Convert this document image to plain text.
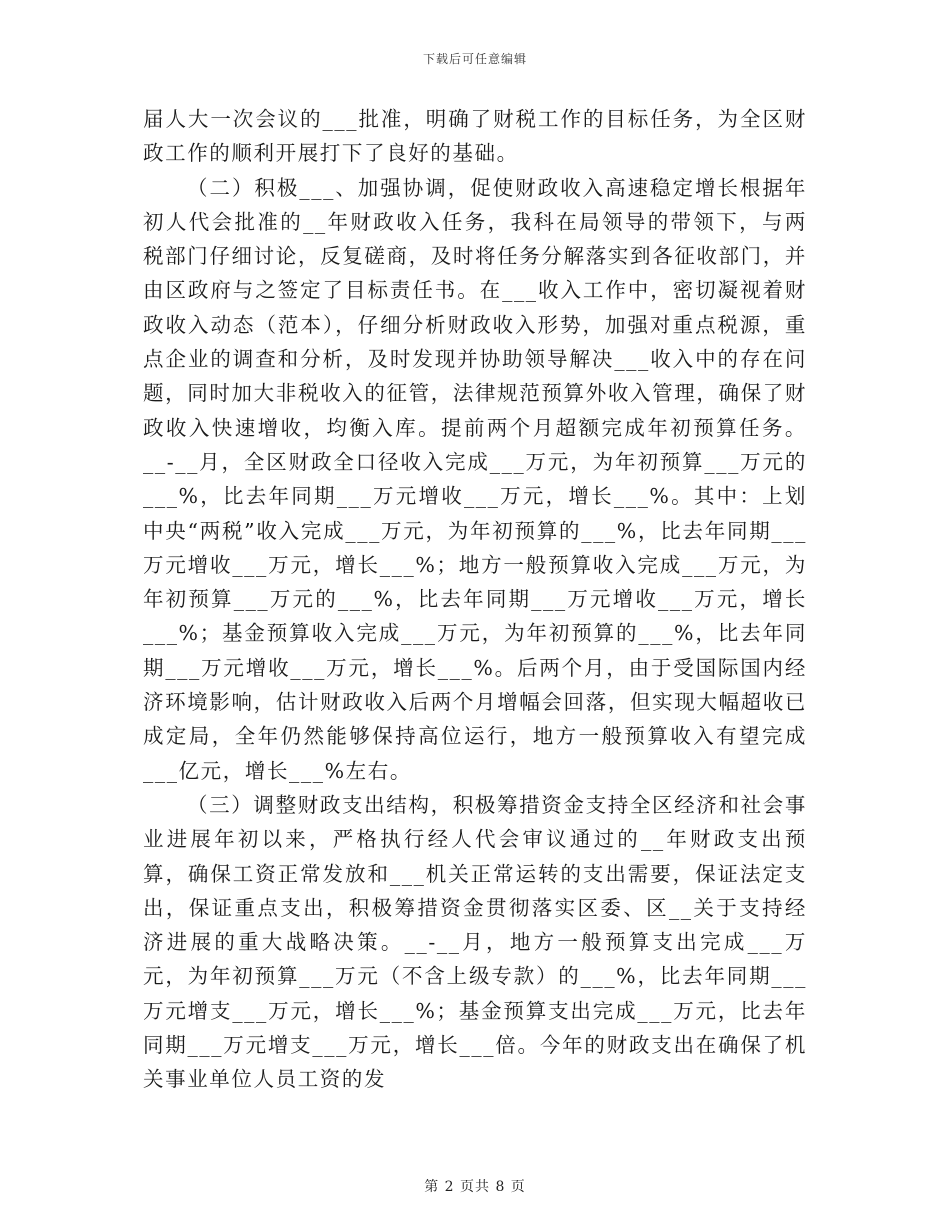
下载后可任意编辑

届人大一次会议的___批准，明确了财税工作的目标任务，为全区财政工作的顺利开展打下了良好的基础。

（二）积极___、加强协调，促使财政收入高速稳定增长根据年初人代会批准的__年财政收入任务，我科在局领导的带领下，与两税部门仔细讨论，反复磋商，及时将任务分解落实到各征收部门，并由区政府与之签定了目标责任书。在___收入工作中，密切凝视着财政收入动态（范本），仔细分析财政收入形势，加强对重点税源，重点企业的调查和分析，及时发现并协助领导解决___收入中的存在问题，同时加大非税收入的征管，法律规范预算外收入管理，确保了财政收入快速增收，均衡入库。提前两个月超额完成年初预算任务。__-__月，全区财政全口径收入完成___万元，为年初预算___万元的___%，比去年同期___万元增收___万元，增长___%。其中：上划中央“两税”收入完成___万元，为年初预算的___%，比去年同期___万元增收___万元，增长___%；地方一般预算收入完成___万元，为年初预算___万元的___%，比去年同期___万元增收___万元，增长___%；基金预算收入完成___万元，为年初预算的___%，比去年同期___万元增收___万元，增长___%。后两个月，由于受国际国内经济环境影响，估计财政收入后两个月增幅会回落，但实现大幅超收已成定局，全年仍然能够保持高位运行，地方一般预算收入有望完成___亿元，增长___%左右。

（三）调整财政支出结构，积极筹措资金支持全区经济和社会事业进展年初以来，严格执行经人代会审议通过的__年财政支出预算，确保工资正常发放和___机关正常运转的支出需要，保证法定支出，保证重点支出，积极筹措资金贯彻落实区委、区__关于支持经济进展的重大战略决策。__-__月，地方一般预算支出完成___万元，为年初预算___万元（不含上级专款）的___%，比去年同期___万元增支___万元，增长___%；基金预算支出完成___万元，比去年同期___万元增支___万元，增长___倍。今年的财政支出在确保了机关事业单位人员工资的发

第 2 页共 8 页
